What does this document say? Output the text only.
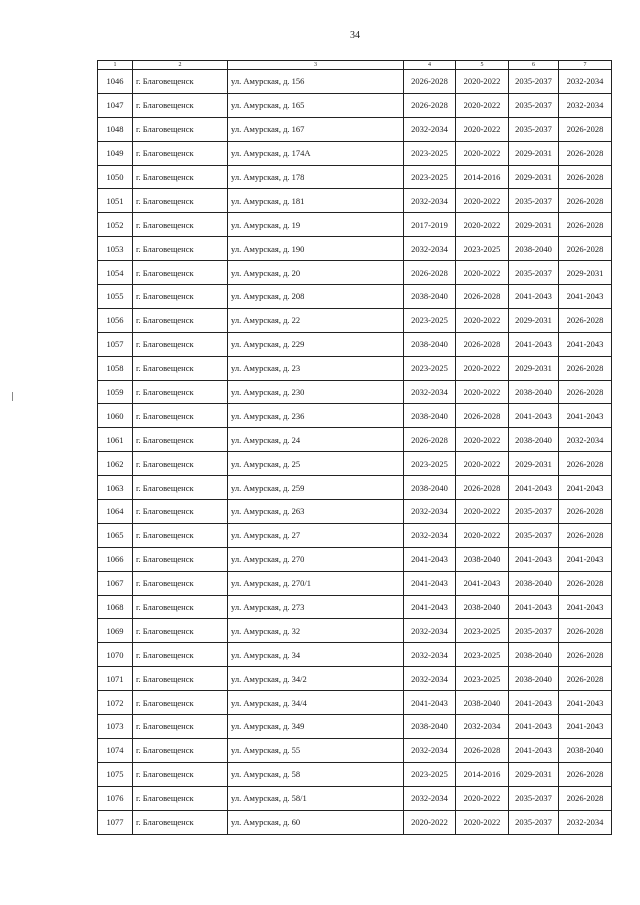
34
1	2	3	4	5	6	7
1046	г. Благовещенск	ул. Амурская, д. 156	2026-2028	2020-2022	2035-2037	2032-2034
1047	г. Благовещенск	ул. Амурская, д. 165	2026-2028	2020-2022	2035-2037	2032-2034
1048	г. Благовещенск	ул. Амурская, д. 167	2032-2034	2020-2022	2035-2037	2026-2028
1049	г. Благовещенск	ул. Амурская, д. 174А	2023-2025	2020-2022	2029-2031	2026-2028
1050	г. Благовещенск	ул. Амурская, д. 178	2023-2025	2014-2016	2029-2031	2026-2028
1051	г. Благовещенск	ул. Амурская, д. 181	2032-2034	2020-2022	2035-2037	2026-2028
1052	г. Благовещенск	ул. Амурская, д. 19	2017-2019	2020-2022	2029-2031	2026-2028
1053	г. Благовещенск	ул. Амурская, д. 190	2032-2034	2023-2025	2038-2040	2026-2028
1054	г. Благовещенск	ул. Амурская, д. 20	2026-2028	2020-2022	2035-2037	2029-2031
1055	г. Благовещенск	ул. Амурская, д. 208	2038-2040	2026-2028	2041-2043	2041-2043
1056	г. Благовещенск	ул. Амурская, д. 22	2023-2025	2020-2022	2029-2031	2026-2028
1057	г. Благовещенск	ул. Амурская, д. 229	2038-2040	2026-2028	2041-2043	2041-2043
1058	г. Благовещенск	ул. Амурская, д. 23	2023-2025	2020-2022	2029-2031	2026-2028
1059	г. Благовещенск	ул. Амурская, д. 230	2032-2034	2020-2022	2038-2040	2026-2028
1060	г. Благовещенск	ул. Амурская, д. 236	2038-2040	2026-2028	2041-2043	2041-2043
1061	г. Благовещенск	ул. Амурская, д. 24	2026-2028	2020-2022	2038-2040	2032-2034
1062	г. Благовещенск	ул. Амурская, д. 25	2023-2025	2020-2022	2029-2031	2026-2028
1063	г. Благовещенск	ул. Амурская, д. 259	2038-2040	2026-2028	2041-2043	2041-2043
1064	г. Благовещенск	ул. Амурская, д. 263	2032-2034	2020-2022	2035-2037	2026-2028
1065	г. Благовещенск	ул. Амурская, д. 27	2032-2034	2020-2022	2035-2037	2026-2028
1066	г. Благовещенск	ул. Амурская, д. 270	2041-2043	2038-2040	2041-2043	2041-2043
1067	г. Благовещенск	ул. Амурская, д. 270/1	2041-2043	2041-2043	2038-2040	2026-2028
1068	г. Благовещенск	ул. Амурская, д. 273	2041-2043	2038-2040	2041-2043	2041-2043
1069	г. Благовещенск	ул. Амурская, д. 32	2032-2034	2023-2025	2035-2037	2026-2028
1070	г. Благовещенск	ул. Амурская, д. 34	2032-2034	2023-2025	2038-2040	2026-2028
1071	г. Благовещенск	ул. Амурская, д. 34/2	2032-2034	2023-2025	2038-2040	2026-2028
1072	г. Благовещенск	ул. Амурская, д. 34/4	2041-2043	2038-2040	2041-2043	2041-2043
1073	г. Благовещенск	ул. Амурская, д. 349	2038-2040	2032-2034	2041-2043	2041-2043
1074	г. Благовещенск	ул. Амурская, д. 55	2032-2034	2026-2028	2041-2043	2038-2040
1075	г. Благовещенск	ул. Амурская, д. 58	2023-2025	2014-2016	2029-2031	2026-2028
1076	г. Благовещенск	ул. Амурская, д. 58/1	2032-2034	2020-2022	2035-2037	2026-2028
1077	г. Благовещенск	ул. Амурская, д. 60	2020-2022	2020-2022	2035-2037	2032-2034
